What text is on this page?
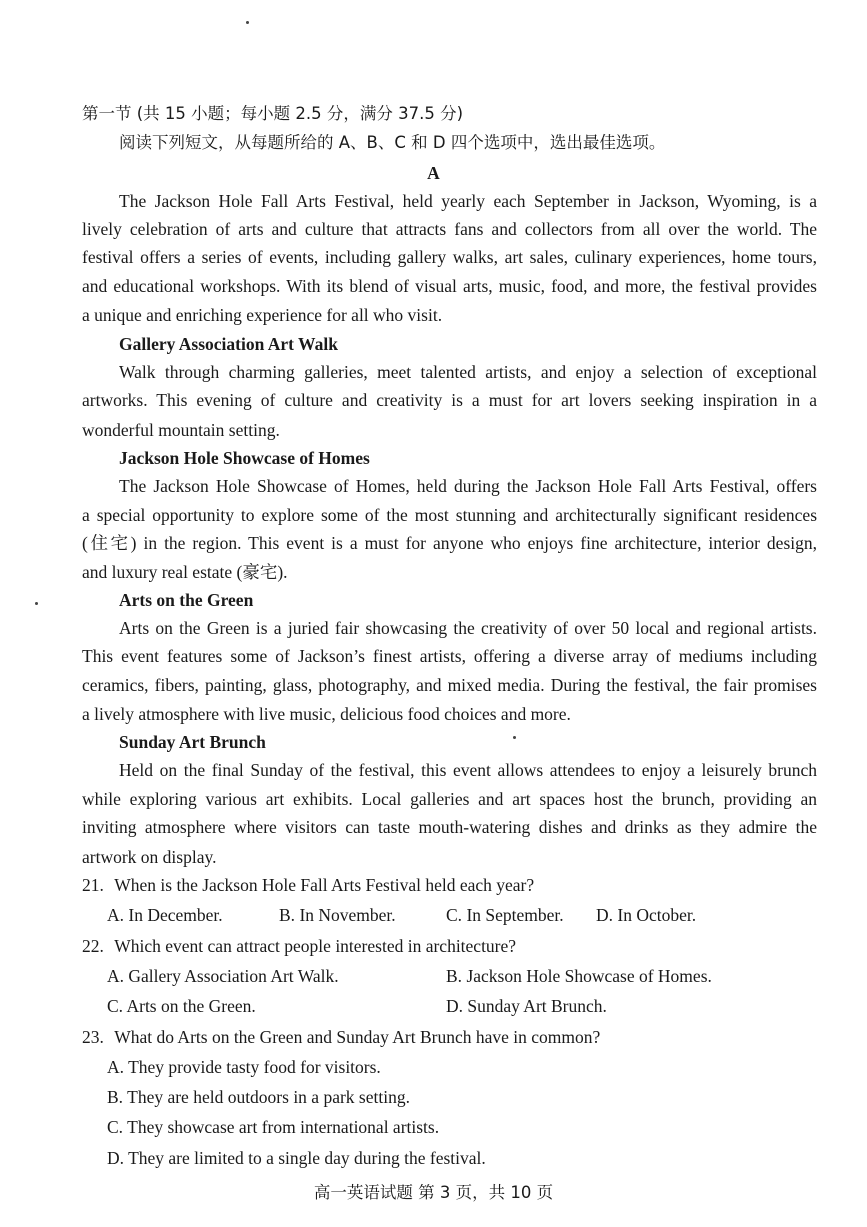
第一节 (共 15 小题；每小题 2.5 分，满分 37.5 分)
阅读下列短文，从每题所给的 A、B、C 和 D 四个选项中，选出最佳选项。
A
The Jackson Hole Fall Arts Festival, held yearly each September in Jackson, Wyoming, is a
lively celebration of arts and culture that attracts fans and collectors from all over the world. The
festival offers a series of events, including gallery walks, art sales, culinary experiences, home tours,
and educational workshops. With its blend of visual arts, music, food, and more, the festival provides
a unique and enriching experience for all who visit.
Gallery Association Art Walk
Walk through charming galleries, meet talented artists, and enjoy a selection of exceptional
artworks. This evening of culture and creativity is a must for art lovers seeking inspiration in a
wonderful mountain setting.
Jackson Hole Showcase of Homes
The Jackson Hole Showcase of Homes, held during the Jackson Hole Fall Arts Festival, offers
a special opportunity to explore some of the most stunning and architecturally significant residences
(住宅) in the region. This event is a must for anyone who enjoys fine architecture, interior design,
and luxury real estate (豪宅).
Arts on the Green
Arts on the Green is a juried fair showcasing the creativity of over 50 local and regional artists.
This event features some of Jackson’s finest artists, offering a diverse array of mediums including
ceramics, fibers, painting, glass, photography, and mixed media. During the festival, the fair promises
a lively atmosphere with live music, delicious food choices and more.
Sunday Art Brunch
Held on the final Sunday of the festival, this event allows attendees to enjoy a leisurely brunch
while exploring various art exhibits. Local galleries and art spaces host the brunch, providing an
inviting atmosphere where visitors can taste mouth-watering dishes and drinks as they admire the
artwork on display.
21. When is the Jackson Hole Fall Arts Festival held each year?
A. In December.	B. In November.	C. In September. D. In October.
22. Which event can attract people interested in architecture?
A. Gallery Association Art Walk.	B. Jackson Hole Showcase of Homes.
C. Arts on the Green.	D. Sunday Art Brunch.
23. What do Arts on the Green and Sunday Art Brunch have in common?
A. They provide tasty food for visitors.
B. They are held outdoors in a park setting.
C. They showcase art from international artists.
D. They are limited to a single day during the festival.
高一英语试题 第 3 页，共 10 页
